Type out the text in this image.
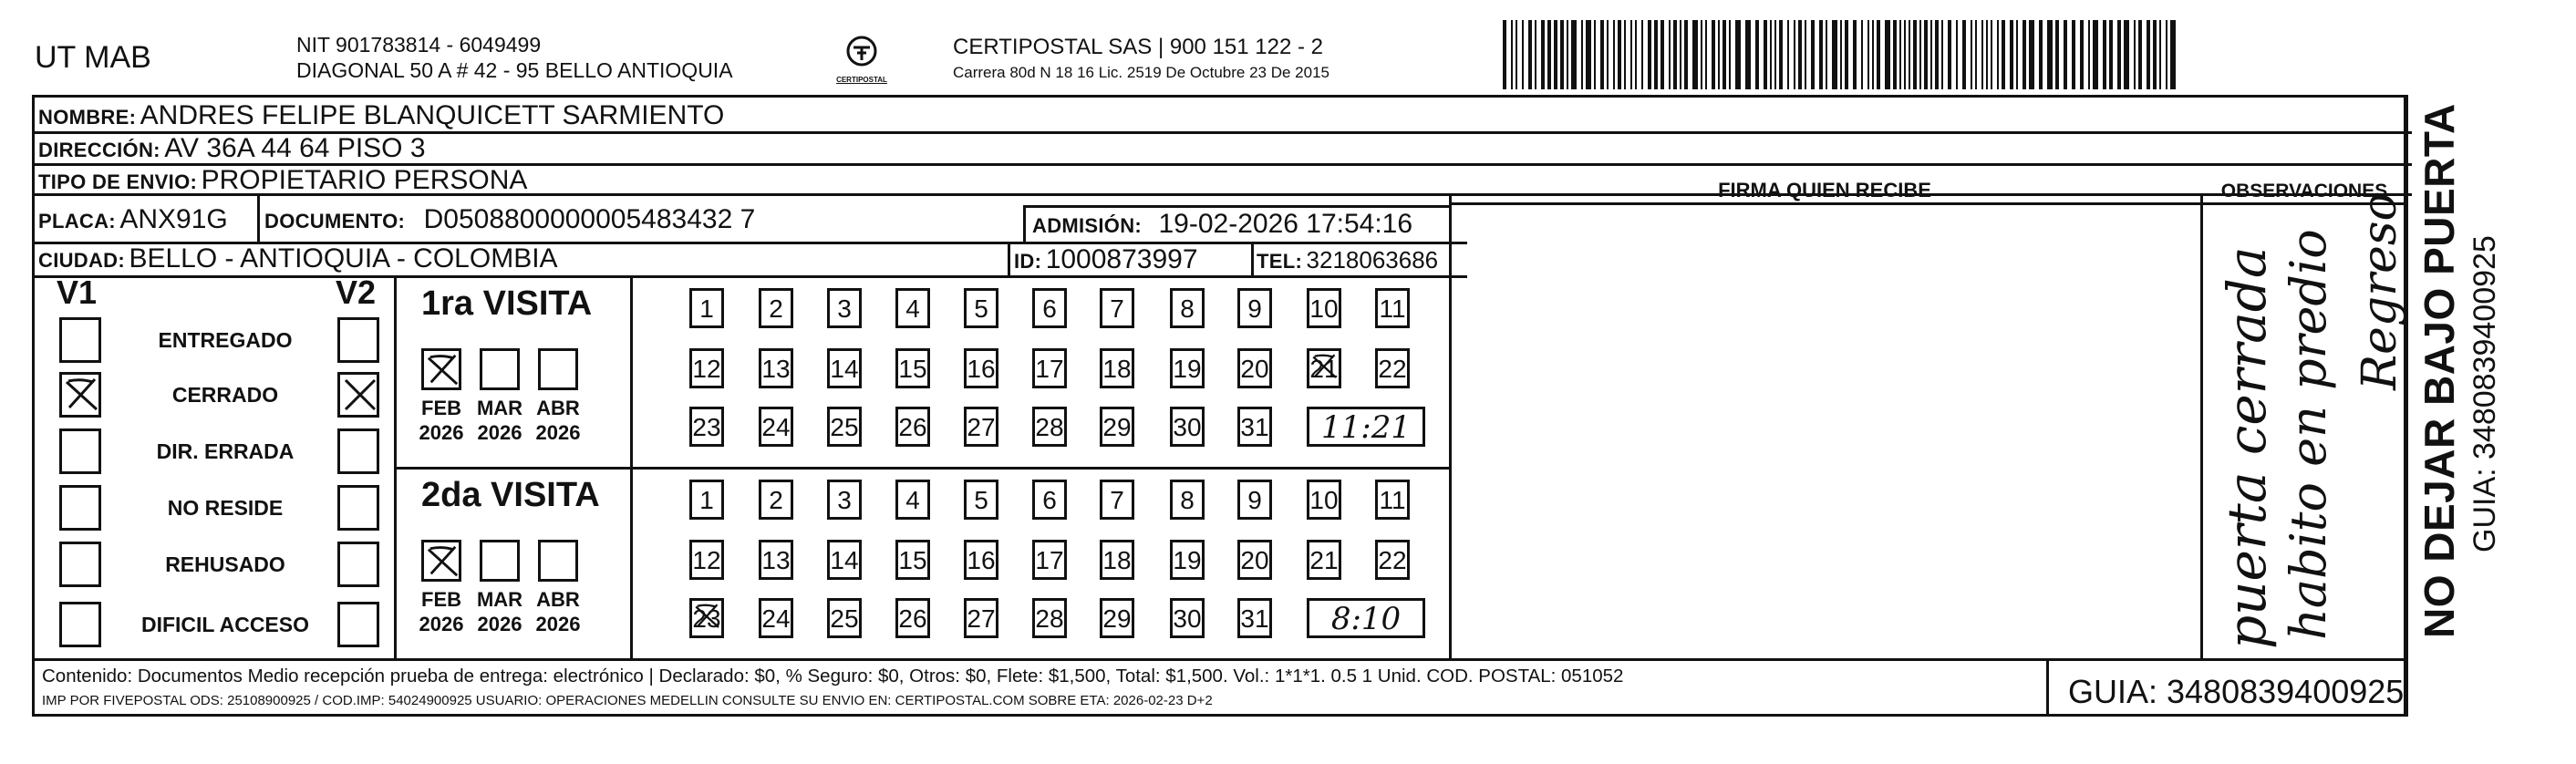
UT MAB	NIT 901783814 - 6049499
DIAGONAL 50 A # 42 - 95 BELLO ANTIOQUIA	CERTIPOSTAL
CERTIPOSTAL SAS | 900 151 122 - 2
Carrera 80d N 18 16 Lic. 2519 De Octubre 23 De 2015
NOMBRE: ANDRES FELIPE BLANQUICETT SARMIENTO
DIRECCIÓN: AV 36A 44 64 PISO 3
TIPO DE ENVIO: PROPIETARIO PERSONA
PLACA: ANX91G DOCUMENTO: D0508800000005483432 7	ADMISIÓN: 19-02-2026 17:54:16
CIUDAD: BELLO - ANTIOQUIA - COLOMBIA	ID: 1000873997	TEL: 3218063686
FIRMA QUIEN RECIBE	OBSERVACIONES
puerta cerrada habito en predio Regreso NO DEJAR BAJO PUERTA GUIA: 3480839400925
V1	V2
ENTREGADO
CERRADO
DIR. ERRADA
NO RESIDE
REHUSADO
DIFICIL ACCESO
1ra VISITA
2da VISITA
FEB
2026
MAR
2026
ABR
2026
1 2 3 4 5 6 7 8 9 10 11
12 13 14 15 16 17 18 19 20 21 22
23 24 25 26 27 28 29 30 31 11:21
FEB
2026
MAR
2026
ABR
2026
1 2 3 4 5 6 7 8 9 10 11
12 13 14 15 16 17 18 19 20 21 22
23 24 25 26 27 28 29 30 31 8:10
Contenido: Documentos Medio recepción prueba de entrega: electrónico | Declarado: $0, % Seguro: $0, Otros: $0, Flete: $1,500, Total: $1,500. Vol.: 1*1*1. 0.5 1 Unid. COD. POSTAL: 051052
IMP POR FIVEPOSTAL ODS: 25108900925 / COD.IMP: 54024900925 USUARIO: OPERACIONES MEDELLIN CONSULTE SU ENVIO EN: CERTIPOSTAL.COM SOBRE ETA: 2026-02-23 D+2	GUIA: 3480839400925
